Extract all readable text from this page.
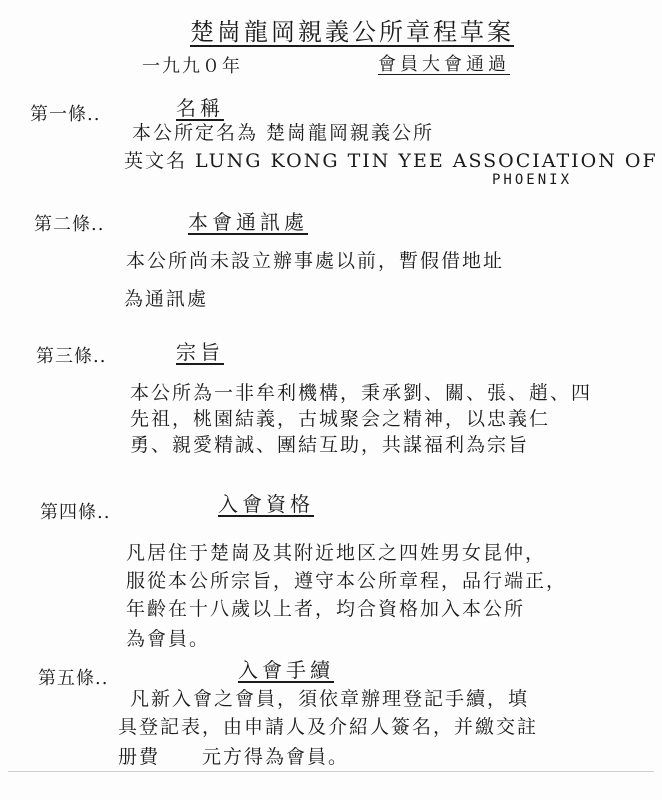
楚崗龍岡親義公所章程草案
一九九０年	會員大會通過
第一條..	名稱
本公所定名為 楚崗龍岡親義公所
英文名 LUNG KONG TIN YEE ASSOCIATION OF
PHOENIX
第二條..	本會通訊處
本公所尚未設立辦事處以前，暫假借地址
為通訊處
第三條..	宗旨
本公所為一非牟利機構，秉承劉、關、張、趙、四
先祖，桃園結義，古城聚会之精神，以忠義仁
勇、親愛精誠、團結互助，共謀福利為宗旨
第四條..	入會資格
凡居住于楚崗及其附近地区之四姓男女昆仲，
服從本公所宗旨，遵守本公所章程，品行端正，
年齡在十八歲以上者，均合資格加入本公所
為會員。
第五條..	入會手續
凡新入會之會員，須依章辦理登記手續，填
具登記表，由申請人及介紹人簽名，并繳交註
册費　　元方得為會員。
